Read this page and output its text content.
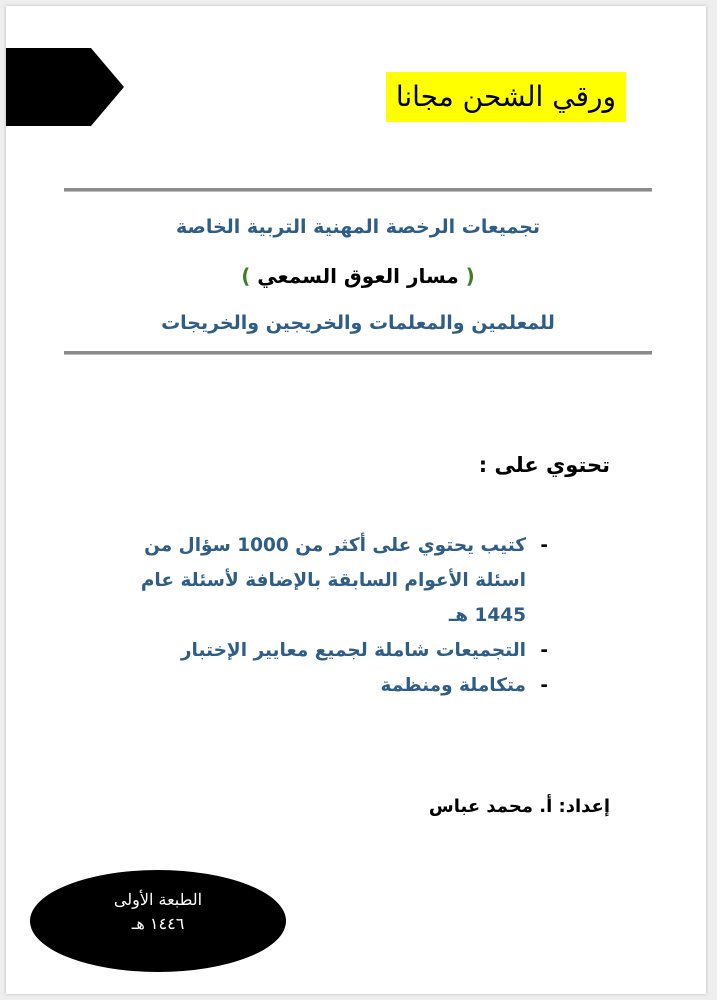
ورقي الشحن مجانا
تجميعات الرخصة المهنية التربية الخاصة
( مسار العوق السمعي )
للمعلمين والمعلمات والخريجين والخريجات
تحتوي على :
-
كتيب يحتوي على أكثر من 1000 سؤال من اسئلة الأعوام السابقة بالإضافة لأسئلة عام 1445 هـ
-
التجميعات شاملة لجميع معايير الإختبار
-
متكاملة ومنظمة
إعداد: أ. محمد عباس
الطبعة الأولى
١٤٤٦ هـ
